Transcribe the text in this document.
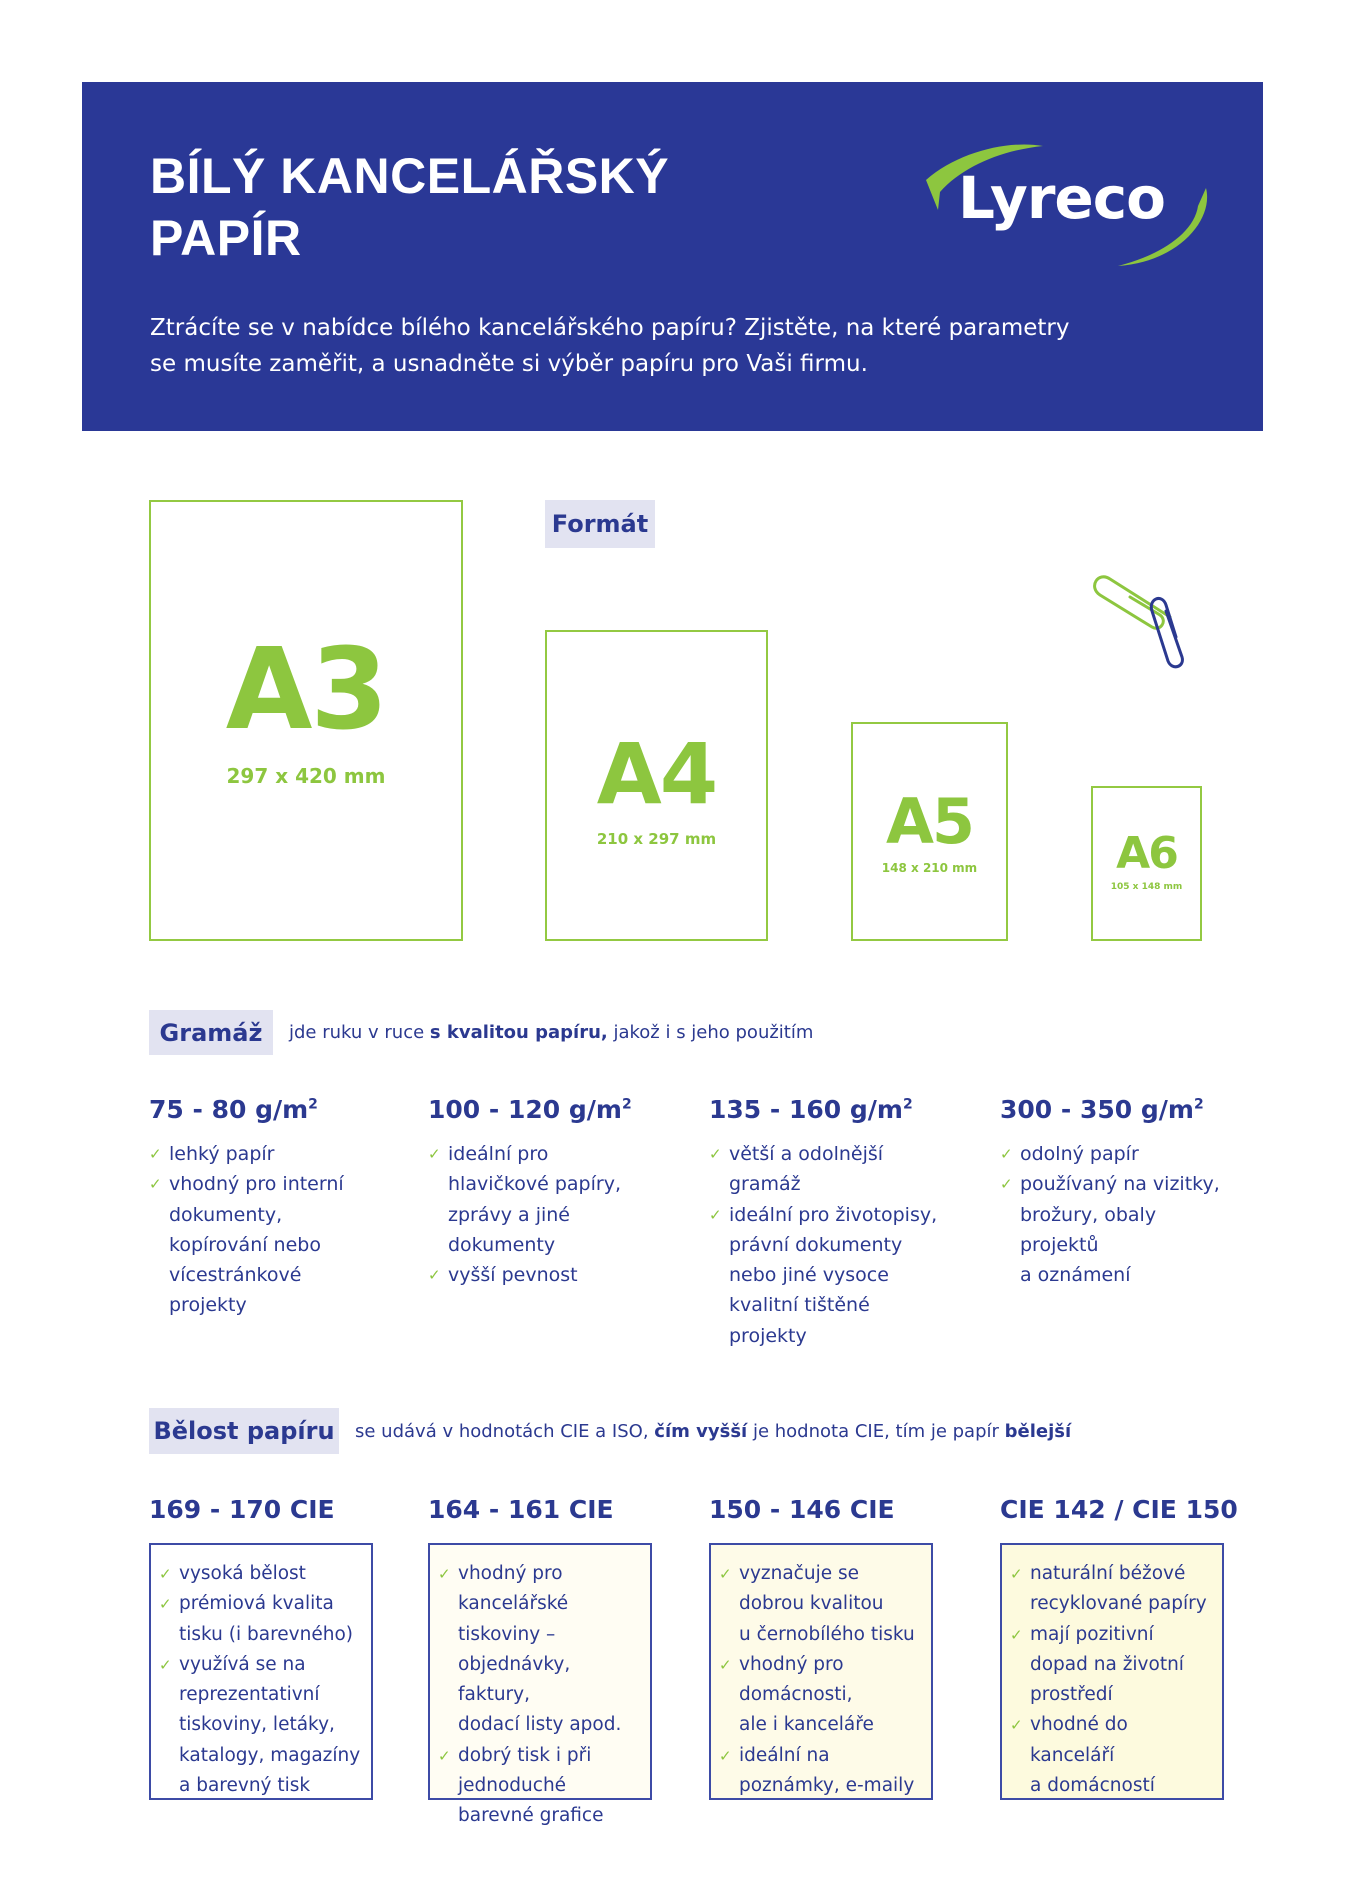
BÍLÝ KANCELÁŘSKÝ
PAPÍR
Ztrácíte se v nabídce bílého kancelářského papíru? Zjistěte, na které parametry
se musíte zaměřit, a usnadněte si výběr papíru pro Vaši firmu.
Lyreco
A3
297 x 420 mm
Formát
A4
210 x 297 mm	A5
148 x 210 mm	A6
105 x 148 mm
Gramáž	jde ruku v ruce s kvalitou papíru, jakož i s jeho použitím
75 - 80 $g/m^2$
✓ lehký papír
✓ vhodný pro interní
dokumenty,
kopírování nebo
vícestránkové
projekty
100 - 120 $g/m^2$
✓ ideální pro
hlavičkové papíry,
zprávy a jiné
dokumenty
✓ vyšší pevnost
135 - 160 $g/m^2$
✓ větší a odolnější
gramáž
✓ ideální pro životopisy,
právní dokumenty
nebo jiné vysoce
kvalitní tištěné
projekty
300 - 350 $g/m^2$
✓ odolný papír
✓ používaný na vizitky,
brožury, obaly
projektů
a oznámení
Bělost papíru se udává v hodnotách CIE a ISO, čím vyšší je hodnota CIE, tím je papír bělejší
169 - 170 CIE
✓ vysoká bělost
✓ prémiová kvalita
tisku (i barevného)
✓ využívá se na
reprezentativní
tiskoviny, letáky,
katalogy, magazíny
a barevný tisk
164 - 161 CIE
✓ vhodný pro
kancelářské
tiskoviny –
objednávky, faktury,
dodací listy apod.
✓ dobrý tisk i při
jednoduché
barevné grafice
150 - 146 CIE
✓ vyznačuje se
dobrou kvalitou
u černobílého tisku
✓ vhodný pro
domácnosti,
ale i kanceláře
✓ ideální na
poznámky, e-maily
CIE 142 / CIE 150
✓ naturální béžové
recyklované papíry
✓ mají pozitivní
dopad na životní
prostředí
✓ vhodné do
kanceláří
a domácností
